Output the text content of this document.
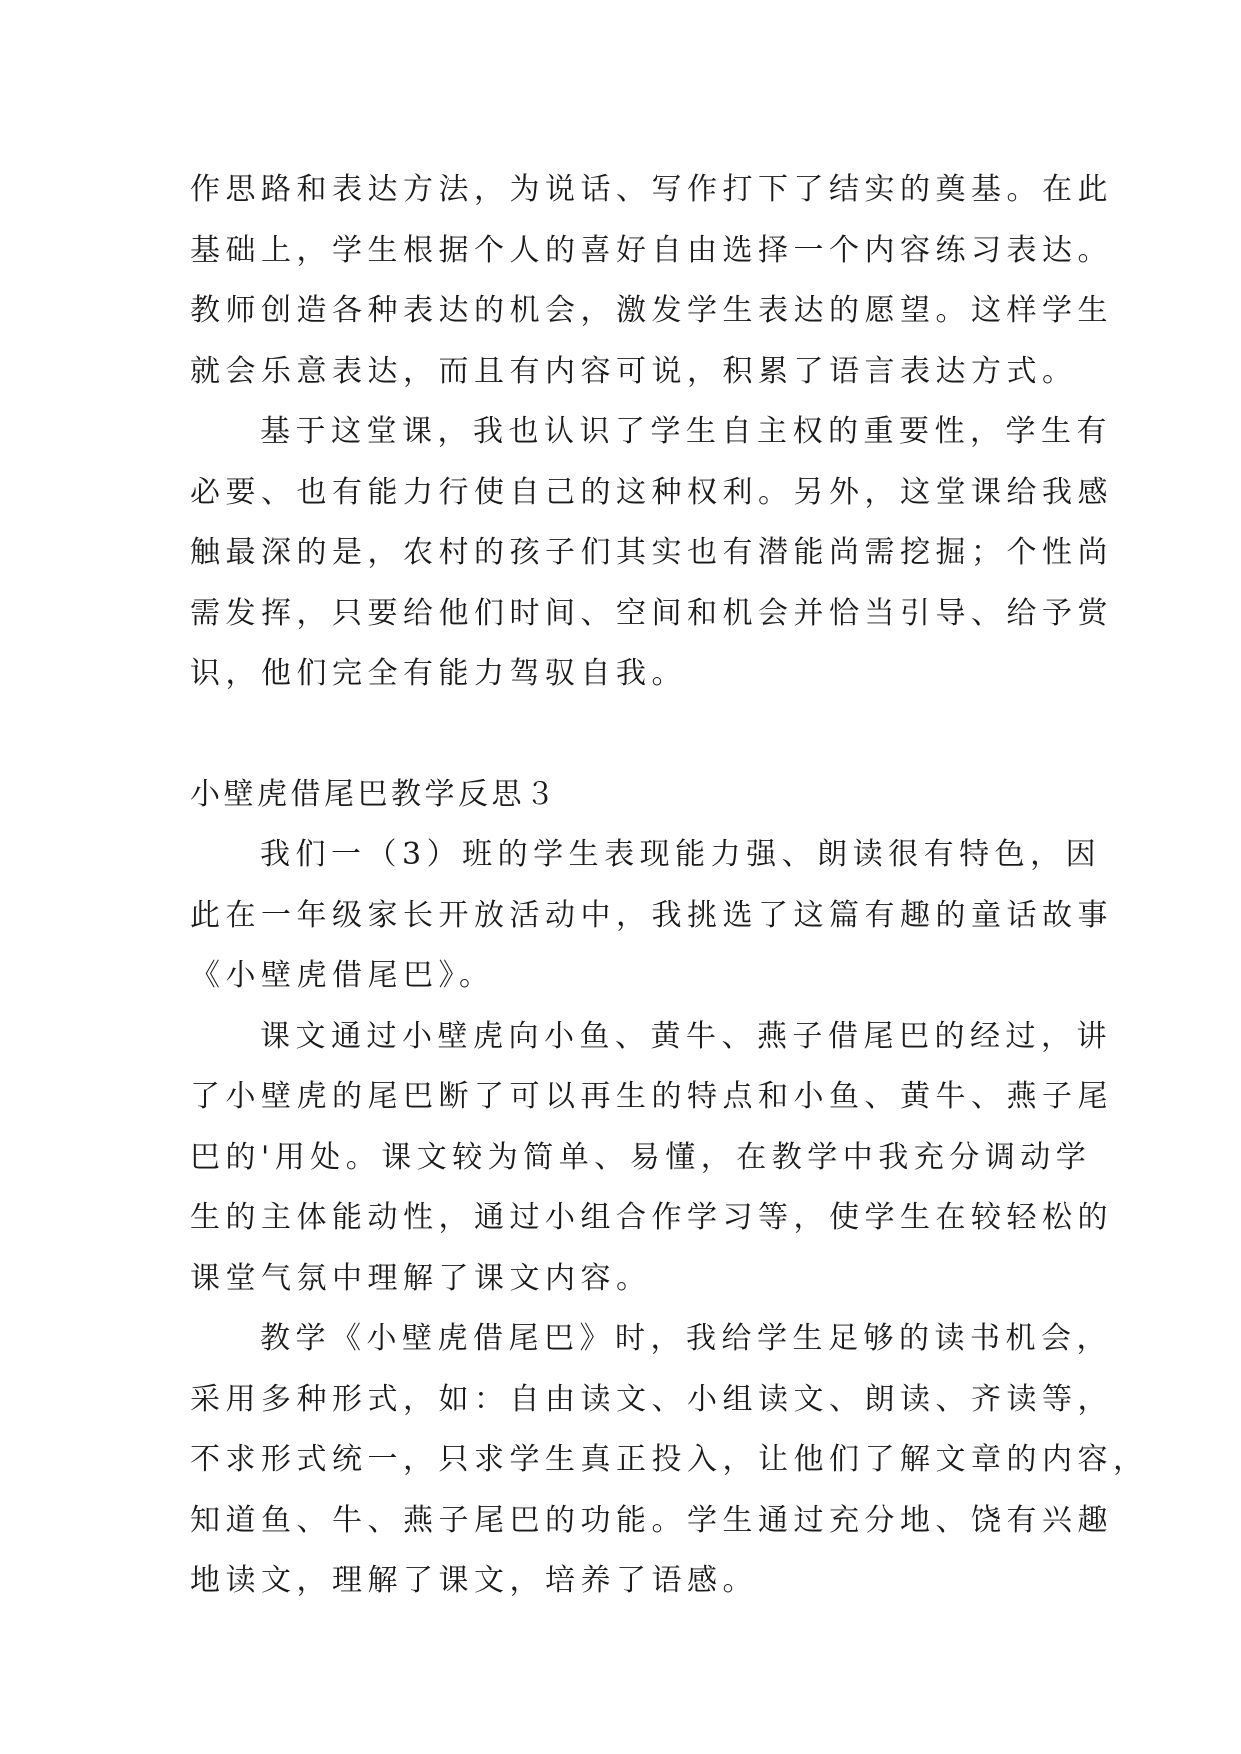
作思路和表达方法，为说话、写作打下了结实的奠基。在此
基础上，学生根据个人的喜好自由选择一个内容练习表达。
教师创造各种表达的机会，激发学生表达的愿望。这样学生
就会乐意表达，而且有内容可说，积累了语言表达方式。
基于这堂课，我也认识了学生自主权的重要性，学生有
必要、也有能力行使自己的这种权利。另外，这堂课给我感
触最深的是，农村的孩子们其实也有潜能尚需挖掘；个性尚
需发挥，只要给他们时间、空间和机会并恰当引导、给予赏
识，他们完全有能力驾驭自我。
小壁虎借尾巴教学反思３
我们一（3）班的学生表现能力强、朗读很有特色，因
此在一年级家长开放活动中，我挑选了这篇有趣的童话故事
《小壁虎借尾巴》。
课文通过小壁虎向小鱼、黄牛、燕子借尾巴的经过，讲
了小壁虎的尾巴断了可以再生的特点和小鱼、黄牛、燕子尾
巴的'用处。课文较为简单、易懂，在教学中我充分调动学
生的主体能动性，通过小组合作学习等，使学生在较轻松的
课堂气氛中理解了课文内容。
教学《小壁虎借尾巴》时，我给学生足够的读书机会，
采用多种形式，如：自由读文、小组读文、朗读、齐读等，
不求形式统一，只求学生真正投入，让他们了解文章的内容，
知道鱼、牛、燕子尾巴的功能。学生通过充分地、饶有兴趣
地读文，理解了课文，培养了语感。
